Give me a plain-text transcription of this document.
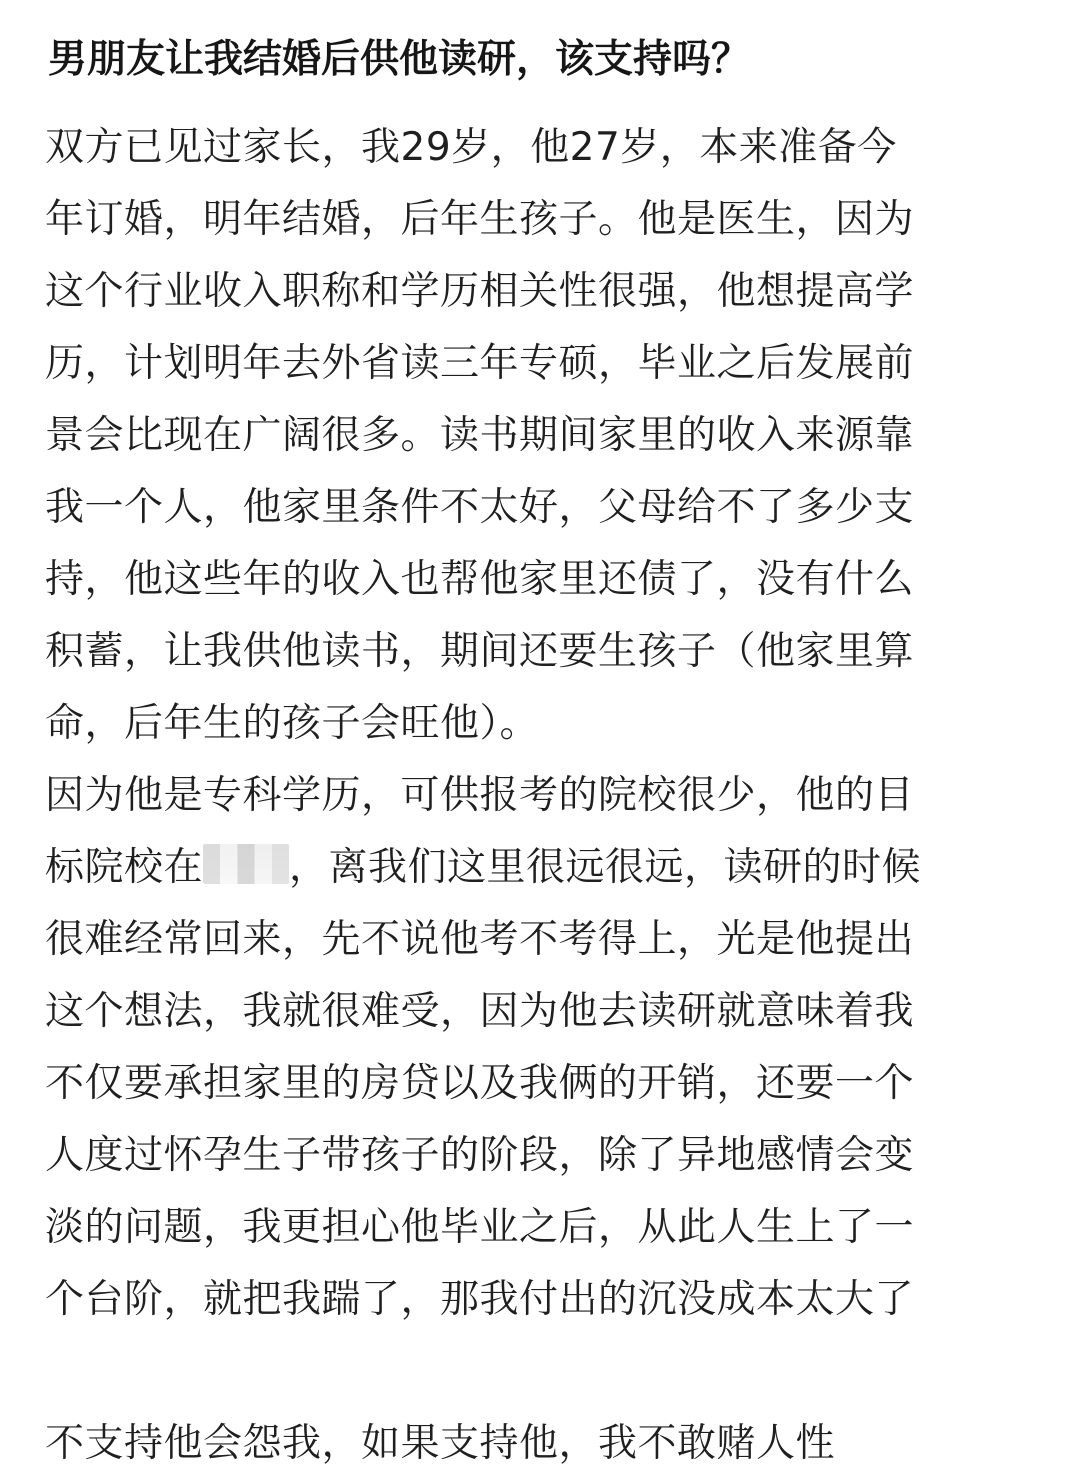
男朋友让我结婚后供他读研，该支持吗？
双方已见过家长，我29岁，他27岁，本来准备今
年订婚，明年结婚，后年生孩子。他是医生，因为
这个行业收入职称和学历相关性很强，他想提高学
历，计划明年去外省读三年专硕，毕业之后发展前
景会比现在广阔很多。读书期间家里的收入来源靠
我一个人，他家里条件不太好，父母给不了多少支
持，他这些年的收入也帮他家里还债了，没有什么
积蓄，让我供他读书，期间还要生孩子（他家里算
命，后年生的孩子会旺他）。
因为他是专科学历，可供报考的院校很少，他的目
标院校在 ，离我们这里很远很远，读研的时候
很难经常回来，先不说他考不考得上，光是他提出
这个想法，我就很难受，因为他去读研就意味着我
不仅要承担家里的房贷以及我俩的开销，还要一个
人度过怀孕生子带孩子的阶段，除了异地感情会变
淡的问题，我更担心他毕业之后，从此人生上了一
个台阶，就把我踹了，那我付出的沉没成本太大了
不支持他会怨我，如果支持他，我不敢赌人性
